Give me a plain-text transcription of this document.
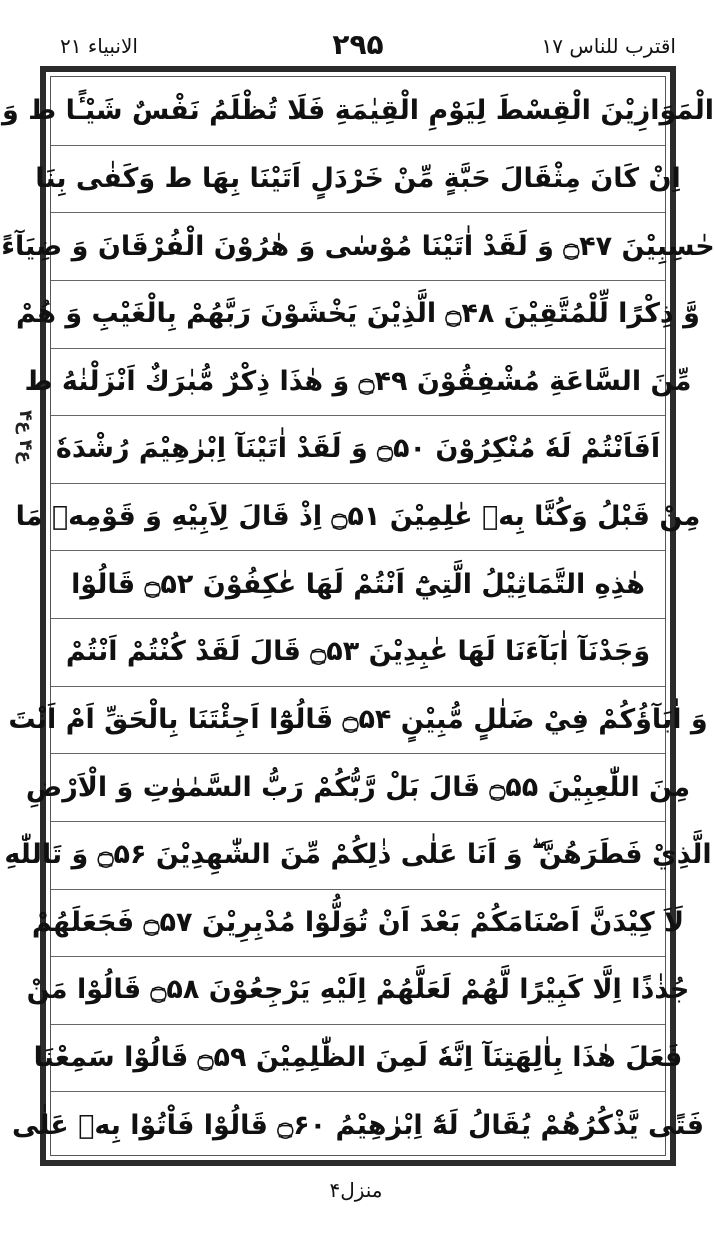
الانبیاء ۲۱	۲۹۵	اقترب للناس ۱۷
ع۴ ع۴
الْمَوَازِيْنَ الْقِسْطَ لِيَوْمِ الْقِيٰمَةِ فَلَا تُظْلَمُ نَفْسٌ شَيْـًٔا ط وَ
اِنْ كَانَ مِثْقَالَ حَبَّةٍ مِّنْ خَرْدَلٍ اَتَيْنَا بِهَا ط وَكَفٰى بِنَا
حٰسِبِيْنَ ۝۴۷ وَ لَقَدْ اٰتَيْنَا مُوْسٰى وَ هٰرُوْنَ الْفُرْقَانَ وَ ضِيَآءً
وَّ ذِكْرًا لِّلْمُتَّقِيْنَ ۝۴۸ الَّذِيْنَ يَخْشَوْنَ رَبَّهُمْ بِالْغَيْبِ وَ هُمْ
مِّنَ السَّاعَةِ مُشْفِقُوْنَ ۝۴۹ وَ هٰذَا ذِكْرٌ مُّبٰرَكٌ اَنْزَلْنٰهُ ط
اَفَاَنْتُمْ لَهٗ مُنْكِرُوْنَ ۝۵۰ وَ لَقَدْ اٰتَيْنَآ اِبْرٰهِيْمَ رُشْدَهٗ
مِنْ قَبْلُ وَكُنَّا بِهٖ عٰلِمِيْنَ ۝۵۱ اِذْ قَالَ لِاَبِيْهِ وَ قَوْمِهٖ مَا
هٰذِهِ التَّمَاثِيْلُ الَّتِيْٓ اَنْتُمْ لَهَا عٰكِفُوْنَ ۝۵۲ قَالُوْا
وَجَدْنَآ اٰبَآءَنَا لَهَا عٰبِدِيْنَ ۝۵۳ قَالَ لَقَدْ كُنْتُمْ اَنْتُمْ
وَ اٰبَآؤُكُمْ فِيْ ضَلٰلٍ مُّبِيْنٍ ۝۵۴ قَالُوْٓا اَجِئْتَنَا بِالْحَقِّ اَمْ اَنْتَ
مِنَ اللّٰعِبِيْنَ ۝۵۵ قَالَ بَلْ رَّبُّكُمْ رَبُّ السَّمٰوٰتِ وَ الْاَرْضِ
الَّذِيْ فَطَرَهُنَّ ۖ وَ اَنَا عَلٰى ذٰلِكُمْ مِّنَ الشّٰهِدِيْنَ ۝۵۶ وَ تَاللّٰهِ
لَاَ كِيْدَنَّ اَصْنَامَكُمْ بَعْدَ اَنْ تُوَلُّوْا مُدْبِرِيْنَ ۝۵۷ فَجَعَلَهُمْ
جُذٰذًا اِلَّا كَبِيْرًا لَّهُمْ لَعَلَّهُمْ اِلَيْهِ يَرْجِعُوْنَ ۝۵۸ قَالُوْا مَنْ
فَعَلَ هٰذَا بِاٰلِهَتِنَآ اِنَّهٗ لَمِنَ الظّٰلِمِيْنَ ۝۵۹ قَالُوْا سَمِعْنَا
فَتًى يَّذْكُرُهُمْ يُقَالُ لَهٗٓ اِبْرٰهِيْمُ ۝۶۰ قَالُوْا فَاْتُوْا بِهٖ عَلٰى
منزل۴
